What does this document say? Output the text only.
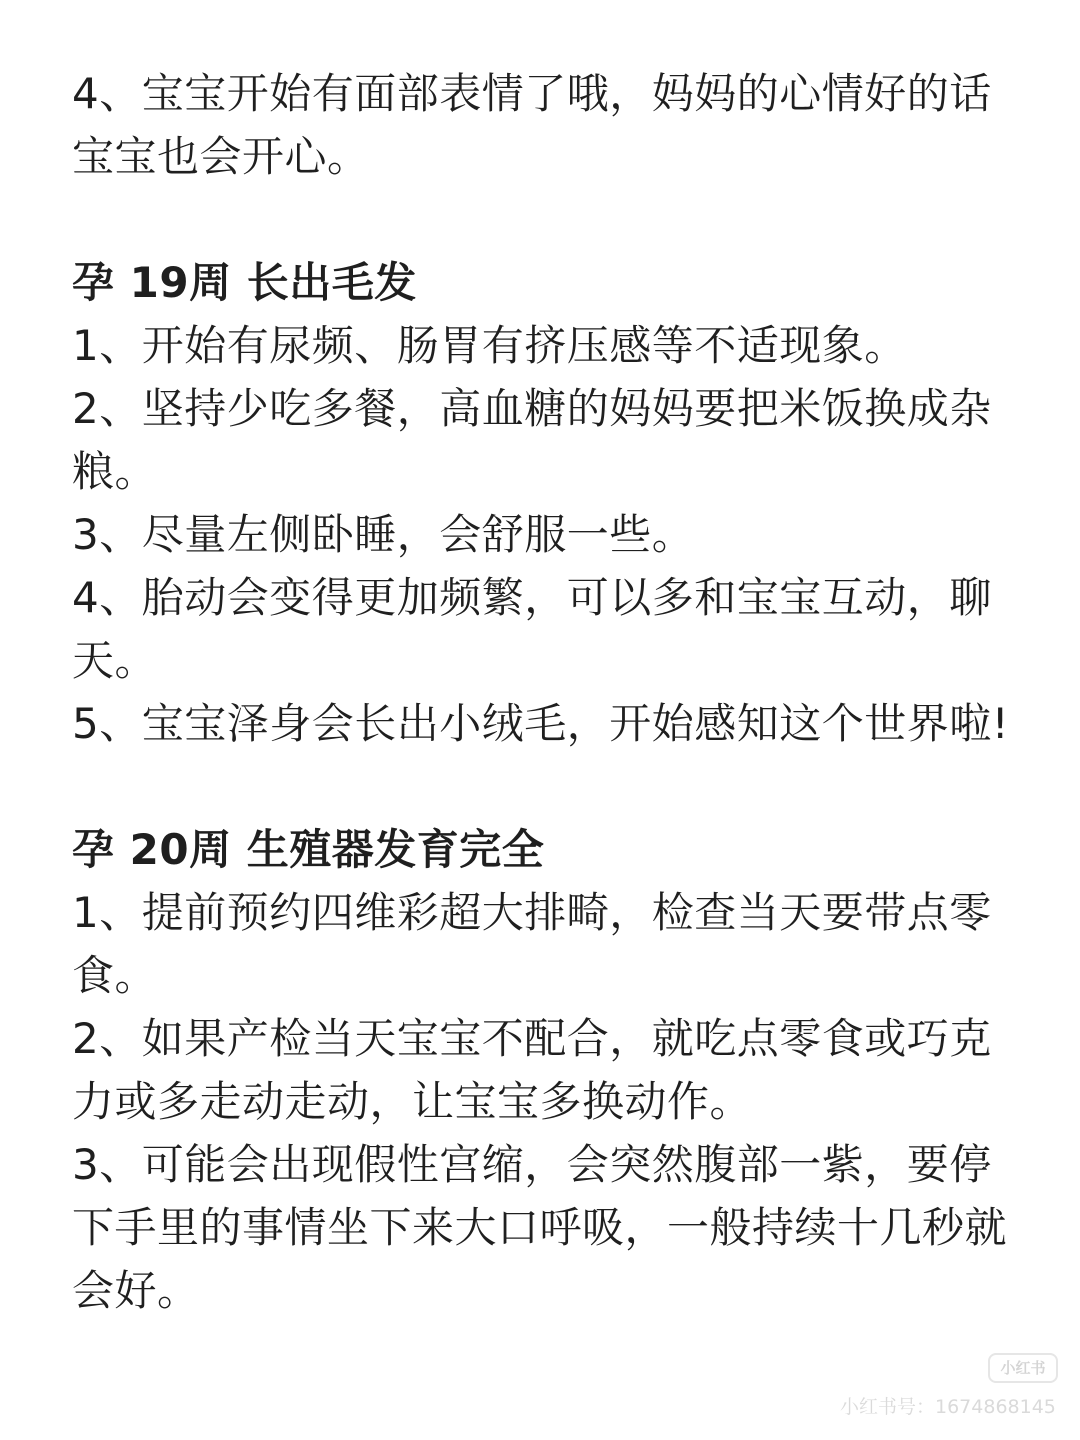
4、宝宝开始有面部表情了哦，妈妈的心情好的话宝宝也会开心。

孕 19周 长出毛发

1、开始有尿频、肠胃有挤压感等不适现象。

2、坚持少吃多餐，高血糖的妈妈要把米饭换成杂粮。

3、尽量左侧卧睡，会舒服一些。

4、胎动会变得更加频繁，可以多和宝宝互动，聊天。

5、宝宝泽身会长出小绒毛，开始感知这个世界啦!

孕 20周 生殖器发育完全

1、提前预约四维彩超大排畸，检查当天要带点零食。

2、如果产检当天宝宝不配合，就吃点零食或巧克力或多走动走动，让宝宝多换动作。

3、可能会出现假性宫缩，会突然腹部一紫，要停下手里的事情坐下来大口呼吸，一般持续十几秒就会好。

小红书
小红书号：1674868145
